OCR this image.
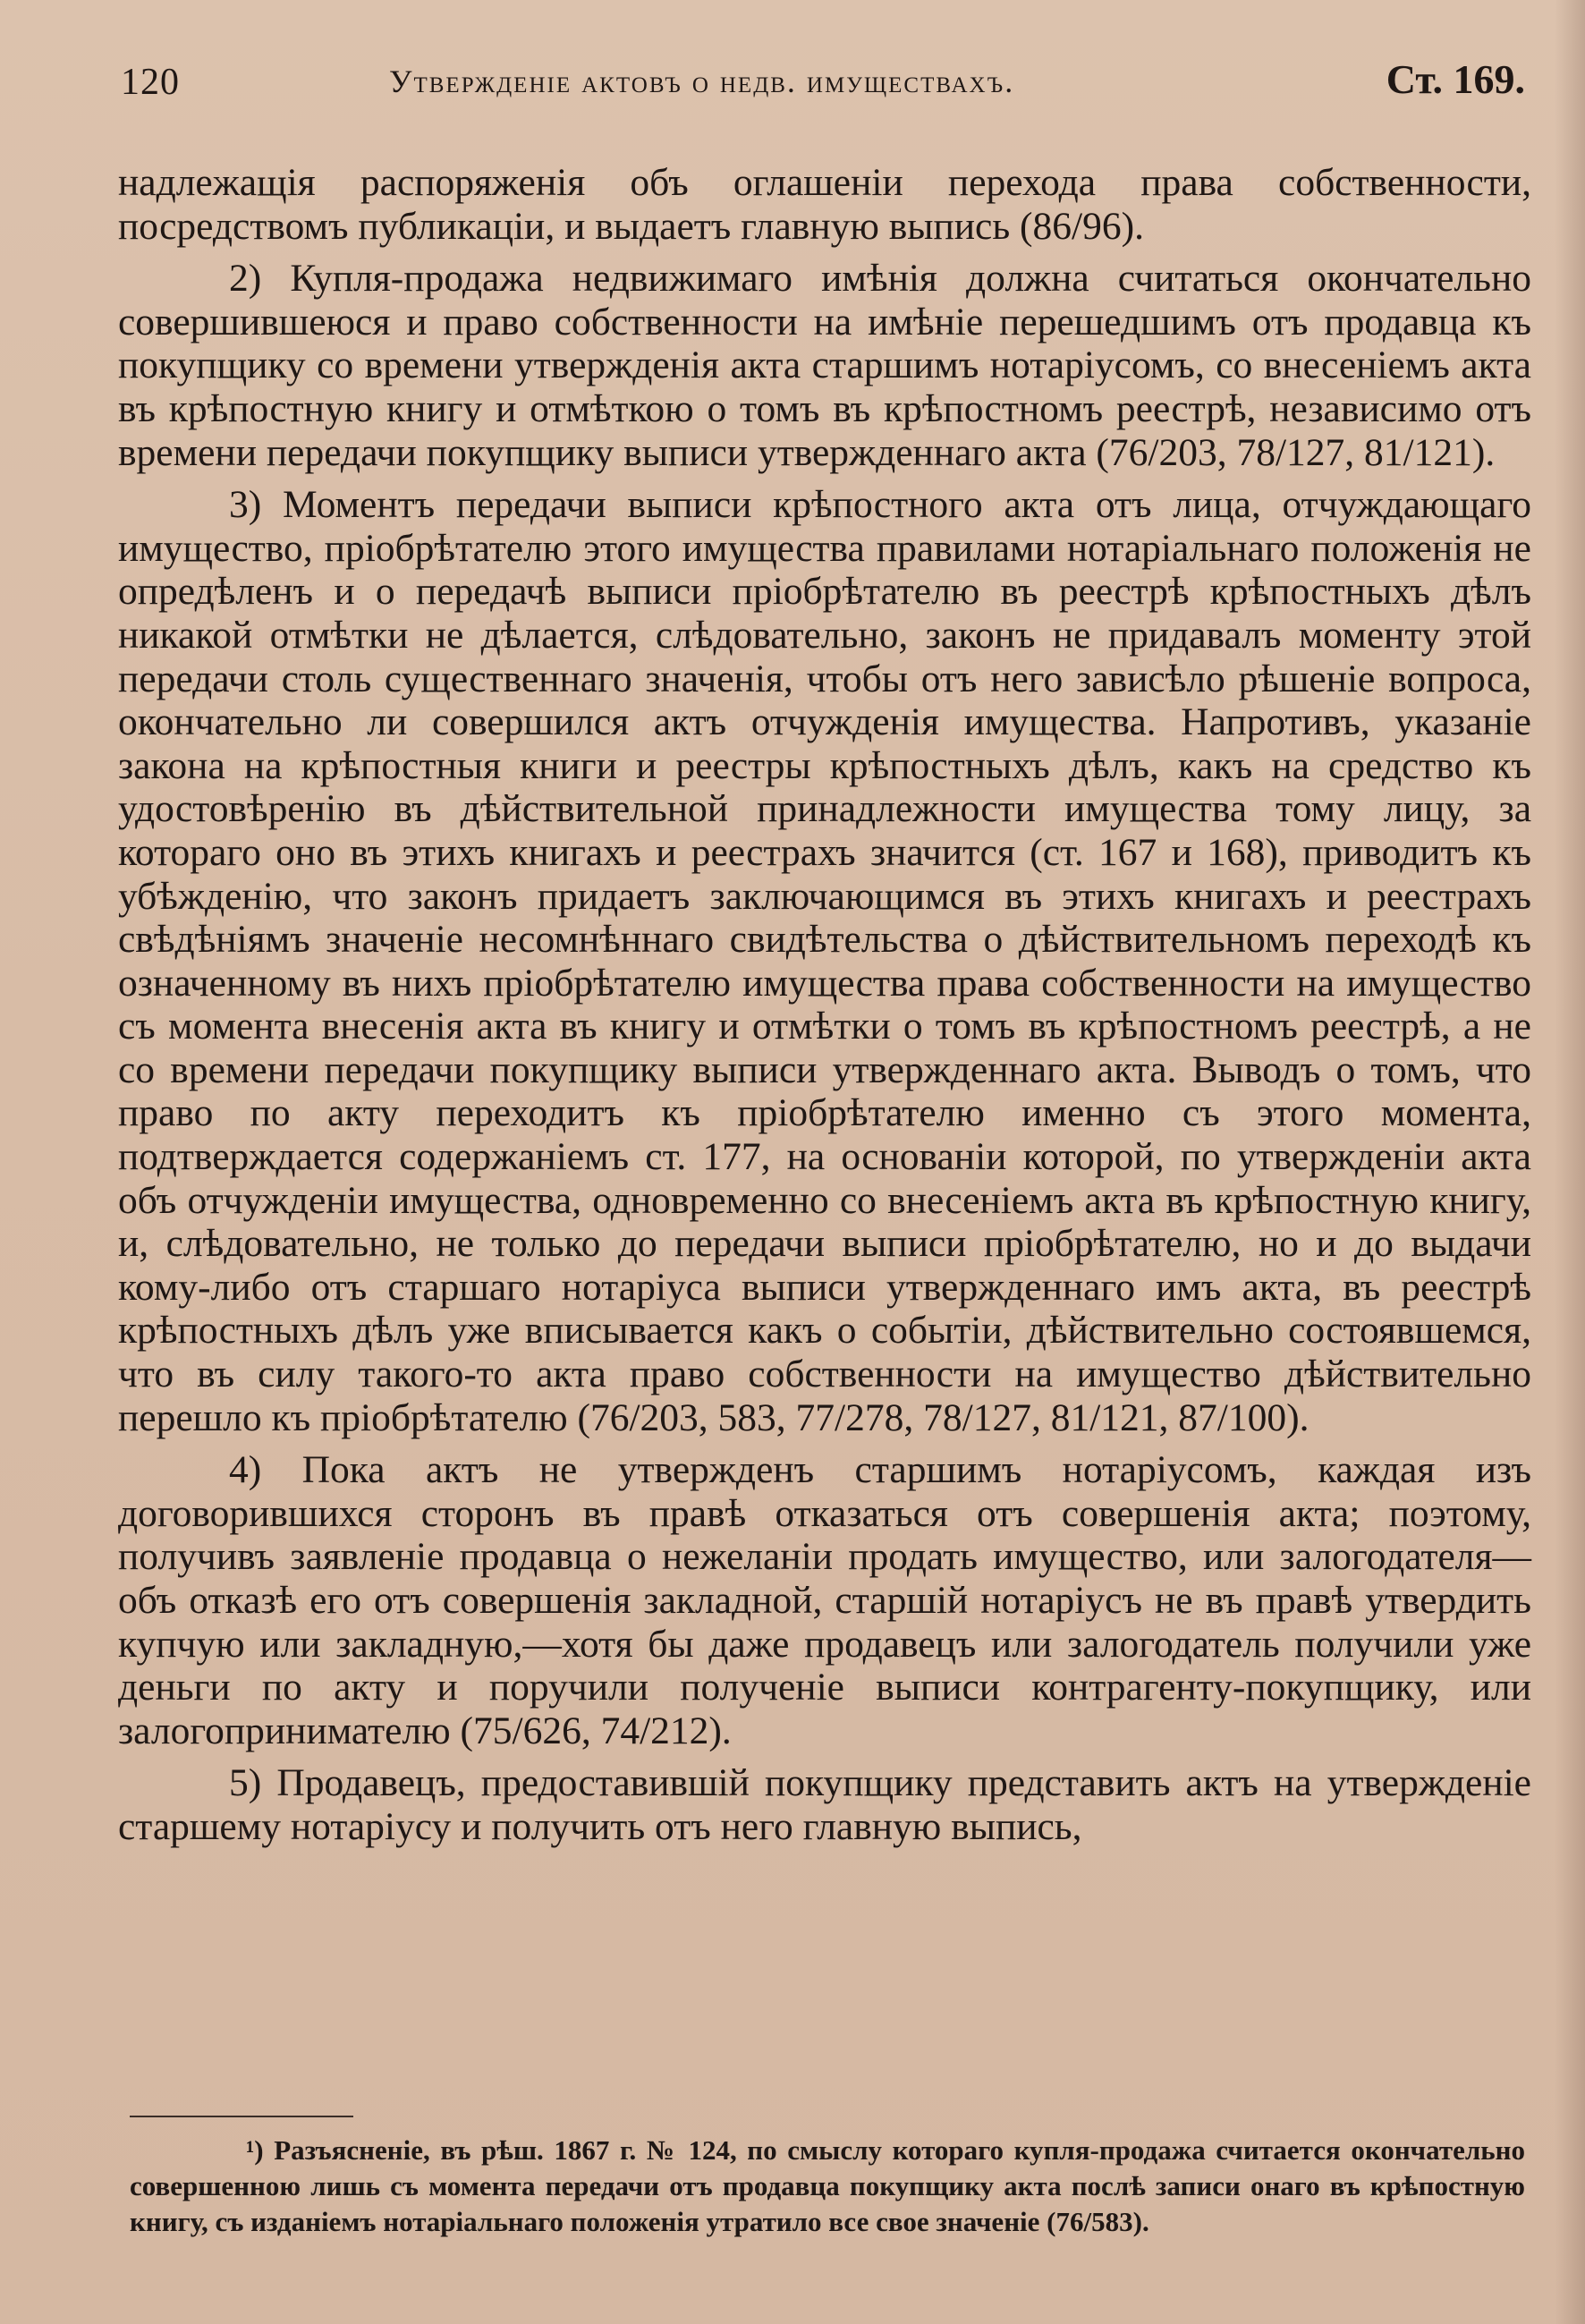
120	Утвержденіе актовъ о недв. имуществахъ.	Ст. 169.

надлежащія распоряженія объ оглашеніи перехода права собственности, посредствомъ публикаціи, и выдаетъ главную выпись (86/96).

2) Купля-продажа недвижимаго имѣнія должна считаться окончательно совершившеюся и право собственности на имѣніе перешедшимъ отъ продавца къ покупщику со времени утвержденія акта старшимъ нотаріусомъ, со внесеніемъ акта въ крѣпостную книгу и отмѣткою о томъ въ крѣпостномъ реестрѣ, независимо отъ времени передачи покупщику выписи утвержденнаго акта (76/203, 78/127, 81/121).

3) Моментъ передачи выписи крѣпостного акта отъ лица, отчуждающаго имущество, пріобрѣтателю этого имущества правилами нотаріальнаго положенія не опредѣленъ и о передачѣ выписи пріобрѣтателю въ реестрѣ крѣпостныхъ дѣлъ никакой отмѣтки не дѣлается, слѣдовательно, законъ не придавалъ моменту этой передачи столь существеннаго значенія, чтобы отъ него зависѣло рѣшеніе вопроса, окончательно ли совершился актъ отчужденія имущества. Напротивъ, указаніе закона на крѣпостныя книги и реестры крѣпостныхъ дѣлъ, какъ на средство къ удостовѣренію въ дѣйствительной принадлежности имущества тому лицу, за котораго оно въ этихъ книгахъ и реестрахъ значится (ст. 167 и 168), приводитъ къ убѣжденію, что законъ придаетъ заключающимся въ этихъ книгахъ и реестрахъ свѣдѣніямъ значеніе несомнѣннаго свидѣтельства о дѣйствительномъ переходѣ къ означенному въ нихъ пріобрѣтателю имущества права собственности на имущество съ момента внесенія акта въ книгу и отмѣтки о томъ въ крѣпостномъ реестрѣ, а не со времени передачи покупщику выписи утвержденнаго акта. Выводъ о томъ, что право по акту переходитъ къ пріобрѣтателю именно съ этого момента, подтверждается содержаніемъ ст. 177, на основаніи которой, по утвержденіи акта объ отчужденіи имущества, одновременно со внесеніемъ акта въ крѣпостную книгу, и, слѣдовательно, не только до передачи выписи пріобрѣтателю, но и до выдачи кому-либо отъ старшаго нотаріуса выписи утвержденнаго имъ акта, въ реестрѣ крѣпостныхъ дѣлъ уже вписывается какъ о событіи, дѣйствительно состоявшемся, что въ силу такого-то акта право собственности на имущество дѣйствительно перешло къ пріобрѣтателю (76/203, 583, 77/278, 78/127, 81/121, 87/100).

4) Пока актъ не утвержденъ старшимъ нотаріусомъ, каждая изъ договорившихся сторонъ въ правѣ отказаться отъ совершенія акта; поэтому, получивъ заявленіе продавца о нежеланіи продать имущество, или залогодателя—объ отказѣ его отъ совершенія закладной, старшій нотаріусъ не въ правѣ утвердить купчую или закладную,—хотя бы даже продавецъ или залогодатель получили уже деньги по акту и поручили полученіе выписи контрагенту-покупщику, или залогопринимателю (75/626, 74/212).

5) Продавецъ, предоставившій покупщику представить актъ на утвержденіе старшему нотаріусу и получить отъ него главную выпись,

¹) Разъясненіе, въ рѣш. 1867 г. № 124, по смыслу котораго купля-продажа считается окончательно совершенною лишь съ момента передачи отъ продавца покупщику акта послѣ записи онаго въ крѣпостную книгу, съ изданіемъ нотаріальнаго положенія утратило все свое значеніе (76/583).
